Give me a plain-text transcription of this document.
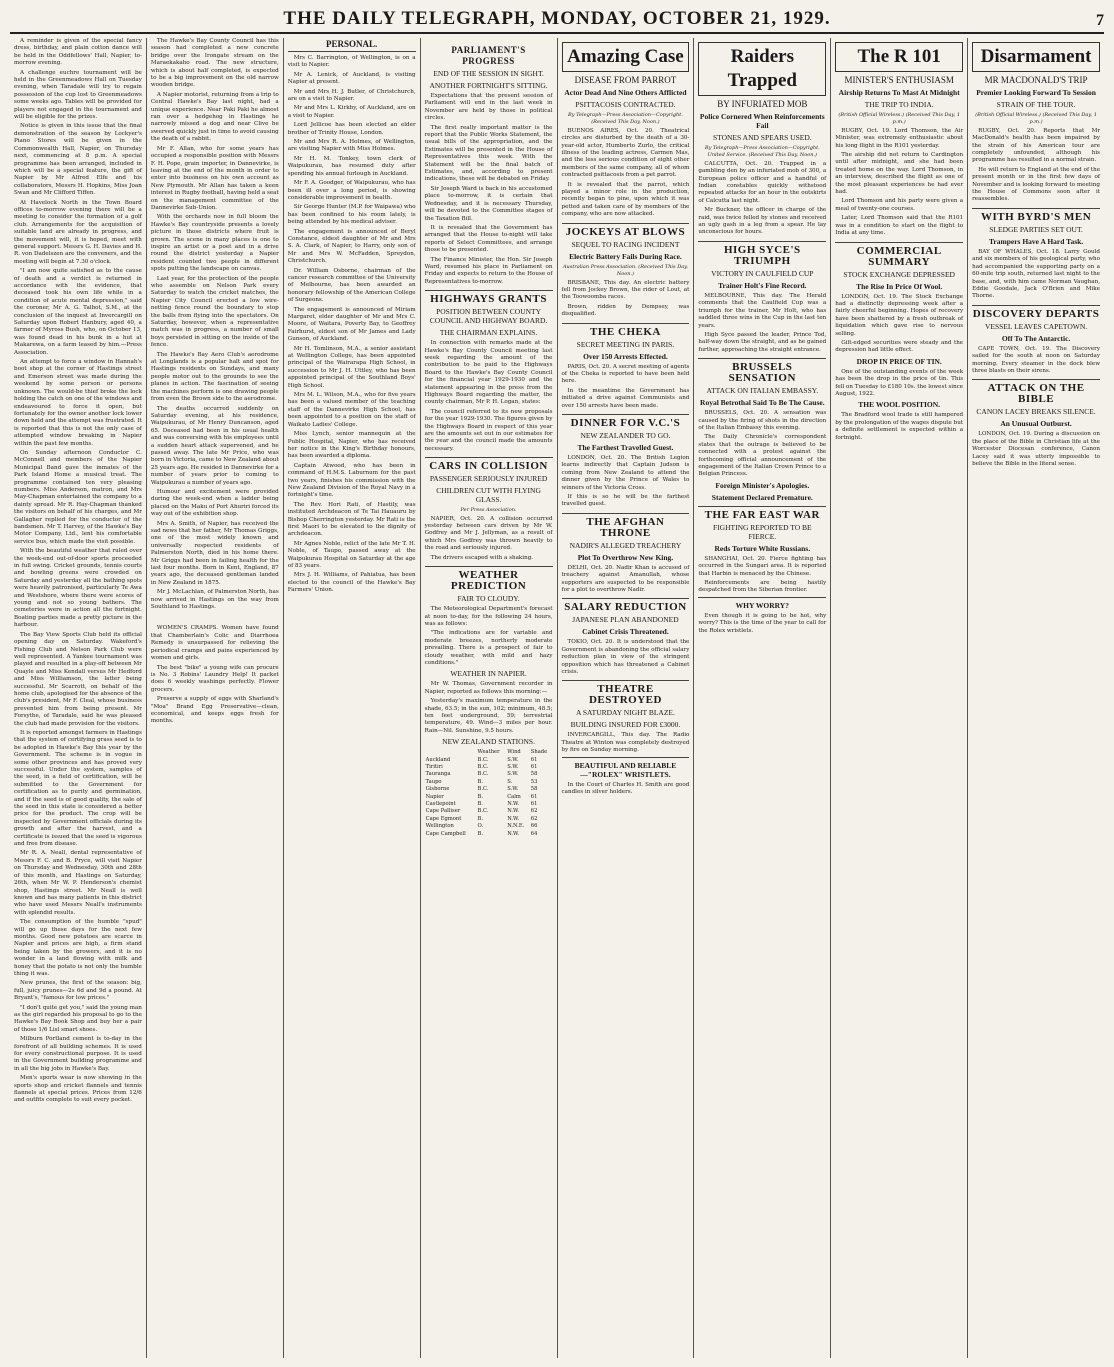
THE DAILY TELEGRAPH, MONDAY, OCTOBER 21, 1929.	7

A reminder is given of the special fancy dress, birthday, and plain cotton dance will be held in the Oddfellows' Hall, Napier, to-morrow evening.

A challenge euchre tournament will be held in the Greenmeadows Hall on Tuesday evening, when Taradale will try to regain possession of the cup lost to Greenmeadows some weeks ago. Tables will be provided for players not engaged in the tournament and will be eligible for the prizes.

Notice is given in this issue that the final demonstration of the season by Lockyer's Piano Stores will be given in the Commonwealth Hall, Napier, on Thursday next, commencing at 8 p.m. A special programme has been arranged, included in which will be a special feature, the gift of Napier by Mr Alfred Elfe and his collaborators, Messrs H. Hopkins, Miss Joan Swan and Mr Clifford Tiffen.

At Havelock North in the Town Board offices to-morrow evening there will be a meeting to consider the formation of a golf club. Arrangements for the acquisition of suitable land are already in progress, and the movement will, it is hoped, meet with general support. Messrs G. H. Davies and H. R. von Dadelszen are the conveners, and the meeting will begin at 7.30 o'clock.

"I am now quite satisfied as to the cause of death and a verdict is returned in accordance with the evidence, that deceased took his own life while in a condition of acute mental depression," said the coroner, Mr A. G. Talbot, S.M., at the conclusion of the inquest at Invercargill on Saturday upon Robert Hanbury, aged 40, a farmer of Myross Bush, who, on October 13, was found dead in his bunk in a hut at Makarewa, on a farm leased by him.—Press Association.

An attempt to force a window in Hannah's boot shop at the corner of Hastings street and Emerson street was made during the weekend by some person or persons unknown. The would-be thief broke the lock holding the catch on one of the windows and endeavoured to force it open, but fortunately for the owner another lock lower down held and the attempt was frustrated. It is reported that this is not the only case of attempted window breaking in Napier within the past few months.

On Sunday afternoon Conductor C. McConnell and members of the Napier Municipal Band gave the inmates of the Park Island Home a musical treat. The programme contained ten very pleasing numbers. Miss Anderson, matron, and Mrs May-Chapman entertained the company to a dainty spread. Mr R. Hay-Chapman thanked the visitors on behalf of his charges, and Mr Gallagher replied for the conductor of the bandsmen. Mr T. Harvey, of the Hawke's Bay Motor Company, Ltd., lent his comfortable service bus, which made the visit possible.

With the beautiful weather that ruled over the week-end out-of-door sports proceeded in full swing. Cricket grounds, tennis courts and bowling greens were crowded on Saturday and yesterday all the bathing spots were heavily patronised, particularly Te Awa and Westshore, where there were scores of young and not so young bathers. The cemeteries were in action all the fortnight. Boating parties made a pretty picture in the harbour.

The Bay View Sports Club held its official opening day on Saturday. Wakeford's Fishing Club and Nelson Park Club were well represented. A Yankee tournament was played and resulted in a play-off between Mr Quayle and Miss Kendall versus Mr Hedford and Miss Williamson, the latter being successful. Mr Scarrott, on behalf of the home club, apologised for the absence of the club's president, Mr F. Cleal, whose business prevented him from being present. Mr Forsythe, of Taradale, said he was pleased the club had made provision for the visitors.

It is reported amongst farmers in Hastings that the system of certifying grass seed is to be adopted in Hawke's Bay this year by the Government. The scheme is in vogue in some other provinces and has proved very successful. Under the system, samples of the seed, in a field of certification, will be submitted to the Government for certification as to purity and germination, and if the seed is of good quality, the sale of the seed in this state is considered a better price for the product. The crop will be inspected by Government officials during its growth and after the harvest, and a certificate is issued that the seed is vigorous and free from disease.

Mr R. A. Neall, dental representative of Messrs F. C. and B. Pryce, will visit Napier on Thursday and Wednesday, 30th and 28th of this month, and Hastings on Saturday, 26th, when Mr W. P. Henderson's chemist shop, Hastings street. Mr Neall is well known and has many patients in this district who have used Messrs Neall's instruments with splendid results.

The consumption of the humble "spud" will go up these days for the next few months. Good new potatoes are scarce in Napier and prices are high, a firm stand being taken by the growers, and it is no wonder in a land flowing with milk and honey that the potato is not only the humble thing it was.

New prunes, the first of the season: big, full, juicy prunes—2s 6d and 9d a pound. At Bryant's, "famous for low prices."

"I don't quite get you," said the young man as the girl regarded his proposal to go to the Hawke's Bay Book Shop and buy her a pair of those 1/6 Lisl smart shoes.

Milburn Portland cement is to-day in the forefront of all building schemes. It is used for every constructional purpose. It is used in the Government building programme and in all the big jobs in Hawke's Bay.

Men's sports wear is now showing in the sports shop and cricket flannels and tennis flannels at special prices. Prices from 12/6 and outfits complete to suit every pocket.

The Hawke's Bay County Council has this season had completed a new concrete bridge over the Irongate stream on the Maraekakaho road. The new structure, which is about half completed, is expected to be a big improvement on the old narrow wooden bridge.

A Napier motorist, returning from a trip to Central Hawke's Bay last night, had a unique experience. Near Paki Paki he almost ran over a hedgehog in Hastings he narrowly missed a dog and near Clive he swerved quickly just in time to avoid causing the death of a rabbit.

Mr F. Allan, who for some years has occupied a responsible position with Messrs F. H. Pope, grain importer, in Dannevirke, is leaving at the end of the month in order to enter into business on his own account as New Plymouth. Mr Allan has taken a keen interest in Rugby football, having held a seat on the management committee of the Dannevirke Sub-Union.

With the orchards now in full bloom the Hawke's Bay countryside presents a lovely picture in those districts where fruit is grown. The scene in many places is one to inspire an artist or a poet and in a drive round the district yesterday a Napier resident counted two people in different spots putting the landscape on canvas.

Last year, for the protection of the people who assemble on Nelson Park every Saturday to watch the cricket matches, the Napier City Council erected a low wire-netting fence round the boundary to stop the balls from flying into the spectators. On Saturday, however, when a representative match was in progress, a number of small boys persisted in sitting on the inside of the fence.

The Hawke's Bay Aero Club's aerodrome at Longlands is a popular halt and spot for Hastings residents on Sundays, and many people motor out to the grounds to see the planes in action. The fascination of seeing the machines perform is one drawing people from even the Brown side to the aerodrome.

The deaths occurred suddenly on Saturday evening, at his residence, Waipukurau, of Mr Henry Duncanson, aged 65. Deceased had been in his usual health and was conversing with his employees until a sudden heart attack supervened, and he passed away. The late Mr Price, who was born in Victoria, came to New Zealand about 25 years ago. He resided in Dannevirke for a number of years prior to coming to Waipukurau a number of years ago.

Humour and excitement were provided during the week-end when a ladder being placed on the Maku of Port Ahuriri forced its way out of the exhibition shop.

Mrs A. Smith, of Napier, has received the sad news that her father, Mr Thomas Griggs, one of the most widely known and universally respected residents of Palmerston North, died in his home there. Mr Griggs had been in failing health for the last four months. Born in Kent, England, 87 years ago, the deceased gentleman landed in New Zealand in 1875.

Mr J. McLachlan, of Palmerston North, has now arrived in Hastings on the way from Southland to Hastings.

WOMEN'S CRAMPS. Women have found that Chamberlain's Colic and Diarrhoea Remedy is unsurpassed for relieving the periodical cramps and pains experienced by women and girls.

The best "bike" a young wife can procure is No. 3 Robins' Laundry Help! It packet does 6 weekly washings perfectly. Flower grocers.

Preserve a supply of eggs with Sharland's "Moa" Brand Egg Preservative—clean, economical, and keeps eggs fresh for months.

PERSONAL.

Mrs C. Barrington, of Wellington, is on a visit to Napier.

Mr A. Lenick, of Auckland, is visiting Napier at present.

Mr and Mrs H. J. Butler, of Christchurch, are on a visit to Napier.

Mr and Mrs L. Kirkby, of Auckland, are on a visit to Napier.

Lord Jellicoe has been elected an elder brother of Trinity House, London.

Mr and Mrs R. A. Holmes, of Wellington, are visiting Napier with Miss Holmes.

Mr H. M. Tonkey, town clerk of Waipukurau, has resumed duty after spending his annual furlough in Auckland.

Mr F. A. Goodger, of Waipukurau, who has been ill over a long period, is showing considerable improvement in health.

Sir George Hunter (M.P. for Waipawa) who has been confined to his room lately, is being attended by his medical adviser.

The engagement is announced of Beryl Constance, eldest daughter of Mr and Mrs S. A. Clark, of Napier, to Harry, only son of Mr and Mrs W. McFadden, Spreydon, Christchurch.

Dr. William Osborne, chairman of the cancer research committee of the University of Melbourne, has been awarded an honorary fellowship of the American College of Surgeons.

The engagement is announced of Miriam Margaret, elder daughter of Mr and Mrs C. Moore, of Waitara, Poverty Bay, to Geoffrey Fairhurst, eldest son of Mr James and Lady Gunson, of Auckland.

Mr H. Tomlinson, M.A., a senior assistant at Wellington College, has been appointed principal of the Wairarapa High School, in succession to Mr J. H. Uttley, who has been appointed principal of the Southland Boys' High School.

Mrs M. L. Wilson, M.A., who for five years has been a valued member of the teaching staff of the Dannevirke High School, has been appointed to a position on the staff of Waikato Ladies' College.

Miss Lynch, senior mannequin at the Public Hospital, Napier, who has received her notice in the King's Birthday honours, has been awarded a diploma.

Captain Atwood, who has been in command of H.M.S. Laburnum for the past two years, finishes his commission with the New Zealand Division of the Royal Navy in a fortnight's time.

The Rev. Hori Rati, of Hastily, was instituted Archdeacon of Te Tai Hauauru by Bishop Cherrington yesterday. Mr Rati is the first Maori to be elevated to the dignity of archdeacon.

Mr Agnes Noble, relict of the late Mr T. H. Noble, of Taupo, passed away at the Waipukurau Hospital on Saturday at the age of 83 years.

Mrs J. H. Williams, of Pahiatua, has been elected to the council of the Hawke's Bay Farmers' Union.

PARLIAMENT'S PROGRESS
END OF THE SESSION IN SIGHT.
ANOTHER FORTNIGHT'S SITTING.

Expectations that the present session of Parliament will end in the last week in November are held by those in political circles.

The first really important matter is the report that the Public Works Statement, the usual bills of the appropriation, and the Estimates will be presented in the House of Representatives this week. With the Statement will be the final batch of Estimates, and, according to present indications, these will be debated on Friday.

Sir Joseph Ward is back in his accustomed place to-morrow, it is certain that Wednesday, and it is necessary Thursday, will be devoted to the Committee stages of the Taxation Bill.

It is revealed that the Government has arranged that the House to-night will take reports of Select Committees, and arrange those to be presented.

The Finance Minister, the Hon. Sir Joseph Ward, resumed his place in Parliament on Friday and expects to return to the House of Representatives to-morrow.

HIGHWAYS GRANTS
POSITION BETWEEN COUNTY COUNCIL AND HIGHWAY BOARD.
THE CHAIRMAN EXPLAINS.

In connection with remarks made at the Hawke's Bay County Council meeting last week regarding the amount of the contribution to be paid to the Highways Board to the Hawke's Bay County Council for the financial year 1929-1930 and the statement appearing in the press from the Highways Board regarding the matter, the county chairman, Mr P. H. Logan, states:

The council referred to its new proposals for the year 1929-1930. The figures given by the Highways Board in respect of this year are the amounts set out in our estimates for the year and the council made the amounts necessary.

CARS IN COLLISION
PASSENGER SERIOUSLY INJURED
CHILDREN CUT WITH FLYING GLASS.
Per Press Association.

NAPIER, Oct. 20. A collision occurred yesterday between cars driven by Mr W. Godfrey and Mr J. Jellyman, as a result of which Mrs Godfrey was thrown heavily to the road and seriously injured.

The drivers escaped with a shaking.

WEATHER PREDICTION
FAIR TO CLOUDY.

The Meteorological Department's forecast at noon to-day, for the following 24 hours, was as follows:

"The indications are for variable and moderate breezes, northerly moderate prevailing. There is a prospect of fair to cloudy weather, with mild and hazy conditions."

WEATHER IN NAPIER.

Mr W. Thomas, Government recorder in Napier, reported as follows this morning:—

Yesterday's maximum temperature in the shade, 63.5; in the sun, 102; minimum, 48.5; ten feet underground, 59; terrestrial temperature, 49. Wind—3 miles per hour. Rain—Nil. Sunshine, 9.5 hours.

NEW ZEALAND STATIONS.
	Weather	Wind	Shade
Auckland	B.C.	S.W.	61
Tiritiri	B.C.	S.W.	61
Tauranga	B.C.	S.W.	58
Taupo	B.	S.	53
Gisborne	B.C.	S.W.	58
Napier	B.	Calm	61
Castlepoint	B.	N.W.	61
Cape Palliser	B.C.	N.W.	62
Cape Egmont	B.	N.W.	62
Wellington	O.	N.N.E.	66
Cape Campbell	B.	N.W.	64
Amazing Case
DISEASE FROM PARROT
Actor Dead And Nine Others Afflicted
PSITTACOSIS CONTRACTED.
By Telegraph—Press Association—Copyright. (Received This Day, Noon.)

BUENOS AIRES, Oct. 20. Theatrical circles are disturbed by the death of a 30-year-old actor, Humberto Zurlo, the critical illness of the leading actress, Carmen Mas, and the less serious condition of eight other members of the same company, all of whom contracted psittacosis from a pet parrot.

It is revealed that the parrot, which played a minor role in the production, recently began to pine, upon which it was petted and taken care of by members of the company, who are now attacked.

JOCKEYS AT BLOWS
SEQUEL TO RACING INCIDENT
Electric Battery Fails During Race.
Australian Press Association. (Received This Day, Noon.)

BRISBANE, This day. An electric battery fell from Jockey Brown, the rider of Lout, at the Toowoomba races.

Brown, ridden by Dempsey, was disqualified.

THE CHEKA
SECRET MEETING IN PARIS.
Over 150 Arrests Effected.

PARIS, Oct. 20. A secret meeting of agents of the Cheka is reported to have been held here.

In the meantime the Government has initiated a drive against Communists and over 150 arrests have been made.

DINNER FOR V.C.'S
NEW ZEALANDER TO GO.
The Farthest Travelled Guest.

LONDON, Oct. 20. The British Legion learns indirectly that Captain Judson is coming from New Zealand to attend the dinner given by the Prince of Wales to winners of the Victoria Cross.

If this is so he will be the farthest travelled guest.

THE AFGHAN THRONE
NADIR'S ALLEGED TREACHERY
Plot To Overthrow New King.

DELHI, Oct. 20. Nadir Khan is accused of treachery against Amanullah, whose supporters are suspected to be responsible for a plot to overthrow Nadir.

SALARY REDUCTION
JAPANESE PLAN ABANDONED
Cabinet Crisis Threatened.

TOKIO, Oct. 20. It is understood that the Government is abandoning the official salary reduction plan in view of the stringent opposition which has threatened a Cabinet crisis.

THEATRE DESTROYED
A SATURDAY NIGHT BLAZE.
BUILDING INSURED FOR £3000.

INVERCARGILL, This day. The Radio Theatre at Winton was completely destroyed by fire on Sunday morning.

BEAUTIFUL AND RELIABLE—"ROLEX" WRISTLETS.

In the Court of Charles H. Smith are good candles in silver holders.

Raiders Trapped
BY INFURIATED MOB
Police Cornered When Reinforcements Fail
STONES AND SPEARS USED.
By Telegraph—Press Association—Copyright. United Service. (Received This Day, Noon.)

CALCUTTA, Oct. 20. Trapped in a gambling den by an infuriated mob of 300, a European police officer and a handful of Indian constables quickly withstood repeated attacks for an hour in the outskirts of Calcutta last night.

Mr Buckner, the officer in charge of the raid, was twice felled by stones and received an ugly gash in a leg from a spear. He lay unconscious for hours.

HIGH SYCE'S TRIUMPH
VICTORY IN CAULFIELD CUP
Trainer Holt's Fine Record.

MELBOURNE, This day. The Herald comments that the Caulfield Cup was a triumph for the trainer, Mr Holt, who has saddled three wins in the Cup in the last ten years.

High Syce passed the leader, Prince Tod, half-way down the straight, and as he gained further, approaching the straight entrance.

BRUSSELS SENSATION
ATTACK ON ITALIAN EMBASSY.
Royal Betrothal Said To Be The Cause.

BRUSSELS, Oct. 20. A sensation was caused by the firing of shots in the direction of the Italian Embassy this evening.

The Daily Chronicle's correspondent states that the outrage is believed to be connected with a protest against the forthcoming official announcement of the engagement of the Italian Crown Prince to a Belgian Princess.

Foreign Minister's Apologies.
Statement Declared Premature.
THE FAR EAST WAR
FIGHTING REPORTED TO BE FIERCE.
Reds Torture White Russians.

SHANGHAI, Oct. 20. Fierce fighting has occurred in the Sungari area. It is reported that Harbin is menaced by the Chinese.

Reinforcements are being hastily despatched from the Siberian frontier.

WHY WORRY?

Even though it is going to be hot, why worry? This is the time of the year to call for the Rolex wristlets.

The R 101
MINISTER'S ENTHUSIASM
Airship Returns To Mast At Midnight
THE TRIP TO INDIA.
(British Official Wireless.) (Received This Day, 1 p.m.)

RUGBY, Oct. 19. Lord Thomson, the Air Minister, was extremely enthusiastic about his long flight in the R101 yesterday.

The airship did not return to Cardington until after midnight, and she had been treated home on the way. Lord Thomson, in an interview, described the flight as one of the most pleasant experiences he had ever had.

Lord Thomson and his party were given a meal of twenty-one courses.

Later, Lord Thomson said that the R101 was in a condition to start on the flight to India at any time.

COMMERCIAL SUMMARY
STOCK EXCHANGE DEPRESSED
The Rise In Price Of Wool.

LONDON, Oct. 19. The Stock Exchange had a distinctly depressing week after a fairly cheerful beginning. Hopes of recovery have been shattered by a fresh outbreak of liquidation which gave rise to nervous selling.

Gilt-edged securities were steady and the depression had little effect.

DROP IN PRICE OF TIN.

One of the outstanding events of the week has been the drop in the price of tin. This fell on Tuesday to £180 10s. the lowest since August, 1922.

THE WOOL POSITION.

The Bradford wool trade is still hampered by the prolongation of the wages dispute but a definite settlement is expected within a fortnight.

Disarmament
MR MACDONALD'S TRIP
Premier Looking Forward To Session
STRAIN OF THE TOUR.
(British Official Wireless.) (Received This Day, 1 p.m.)

RUGBY, Oct. 20. Reports that Mr MacDonald's health has been impaired by the strain of his American tour are completely unfounded, although his programme has resulted in a normal strain.

He will return to England at the end of the present month or in the first few days of November and is looking forward to meeting the House of Commons soon after it reassembles.

WITH BYRD'S MEN
SLEDGE PARTIES SET OUT.
Trampers Have A Hard Task.

BAY OF WHALES, Oct. 18. Larry Gould and six members of his geological party, who had accompanied the supporting party on a 60-mile trip south, returned last night to the base, and, with him came Norman Vaughan, Eddie Goodale, Jack O'Brien and Mike Thorne.

DISCOVERY DEPARTS
VESSEL LEAVES CAPETOWN.
Off To The Antarctic.

CAPE TOWN, Oct. 19. The Discovery sailed for the south at noon on Saturday morning. Every steamer in the dock blew three blasts on their sirens.

ATTACK ON THE BIBLE
CANON LACEY BREAKS SILENCE.
An Unusual Outburst.

LONDON, Oct. 19. During a discussion on the place of the Bible in Christian life at the Worcester Diocesan conference, Canon Lacey said it was utterly impossible to believe the Bible in the literal sense.
